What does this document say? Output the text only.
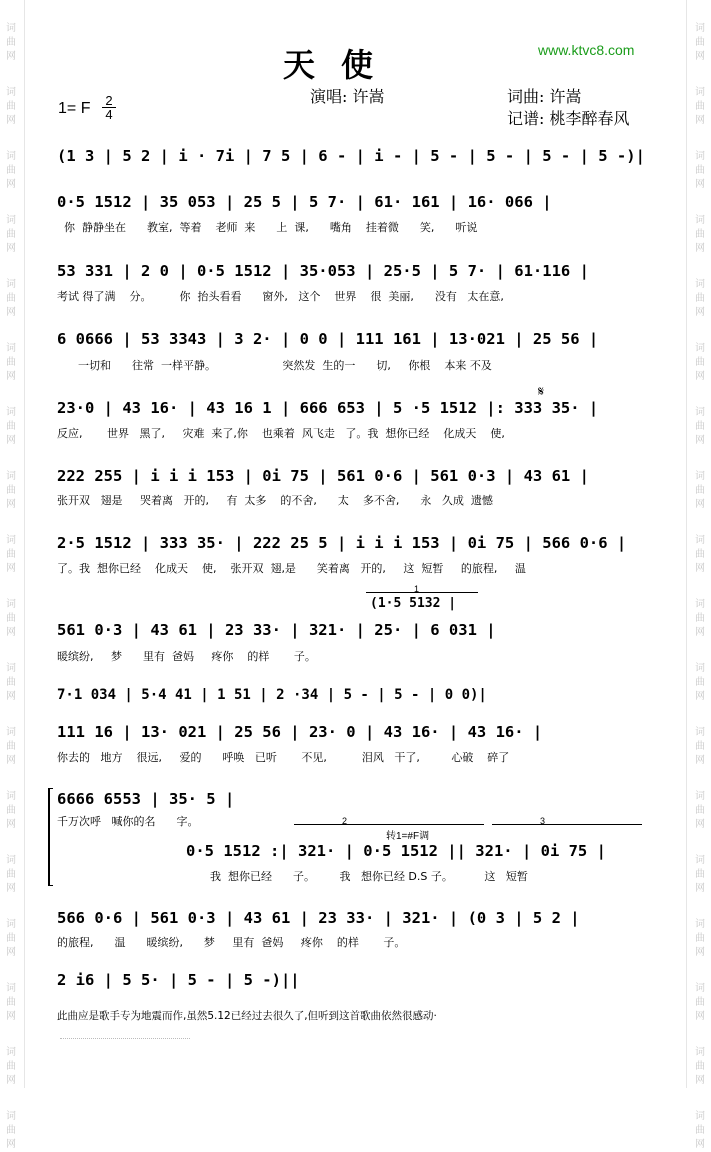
词
曲
网
词
曲
网
词
曲
网
词
曲
网
词
曲
网
词
曲
网
词
曲
网
词
曲
网
词
曲
网
词
曲
网
词
曲
网
词
曲
网
词
曲
网
词
曲
网
词
曲
网
词
曲
网
词
曲
网
词
曲
网
词
曲
网
词
曲
网
词
曲
网
词
曲
网
词
曲
网
词
曲
网
词
曲
网
词
曲
网
词
曲
网
词
曲
网
词
曲
网
词
曲
网
词
曲
网
词
曲
网
词
曲
网
词
曲
网
词
曲
网
词
曲
网
天使	www.ktvc8.com
演唱: 许嵩	词曲: 许嵩
记谱: 桃李醉春风
1= F 2
4
(1 3 | 5 2 | i · 7i | 7 5 | 6 - | i - | 5 - | 5 - | 5 - | 5 -)|
0·5 1512 | 35 053 | 25 5 | 5 7· | 61· 161 | 16· 066 |
你  静静坐在      教室,  等着    老师  来      上  课,      嘴角    挂着微      笑,      听说
53 331 | 2 0 | 0·5 1512 | 35·053 | 25·5 | 5 7· | 61·116 |
考试 得了满    分。        你  抬头看看      窗外,   这个    世界    很  美丽,      没有   太在意,
6 0666 | 53 3343 | 3 2· | 0 0 | 111 161 | 13·021 | 25 56 |
一切和      往常  一样平静。                   突然发  生的一      切,     你根    本来 不及
𝄋
23·0 | 43 16· | 43 16 1 | 666 653 | 5 ·5 1512 |: 333 35· |
反应,       世界   黑了,     灾难  来了,你    也乘着  风飞走   了。我  想你已经    化成天    使,
222 255 | i i i 153 | 0i 75 | 561 0·6 | 561 0·3 | 43 61 |
张开双   翅是     哭着离   开的,     有  太多    的不舍,      太    多不舍,      永   久成  遗憾
2·5 1512 | 333 35· | 222 25 5 | i i i 153 | 0i 75 | 566 0·6 |
了。我  想你已经    化成天    使,    张开双  翅,是      笑着离   开的,     这  短暂     的旅程,     温
1
(1·5 5132 |
561 0·3 | 43 61 | 23 33· | 321· | 25· | 6 031 |
暖缤纷,     梦      里有  爸妈     疼你    的样       子。
7·1 034 | 5·4 41 | 1 51 | 2 ·34 | 5 - | 5 - | 0 0)|
111 16 | 13· 021 | 25 56 | 23· 0 | 43 16· | 43 16· |
你去的   地方    很远,     爱的      呼唤   已听       不见,          泪风   干了,         心破    碎了
6666 6553 | 35· 5 |
千万次呼   喊你的名      字。	2	3
转1=#F调
0·5 1512 :| 321· | 0·5 1512 || 321· | 0i 75 |
我  想你已经      子。       我   想你已经 D.S 子。         这   短暂
566 0·6 | 561 0·3 | 43 61 | 23 33· | 321· | (0 3 | 5 2 |
的旅程,      温      暖缤纷,      梦     里有  爸妈     疼你    的样       子。
2 i6 | 5 5· | 5 - | 5 -)||
此曲应是歌手专为地震而作,虽然5.12已经过去很久了,但听到这首歌曲依然很感动·
